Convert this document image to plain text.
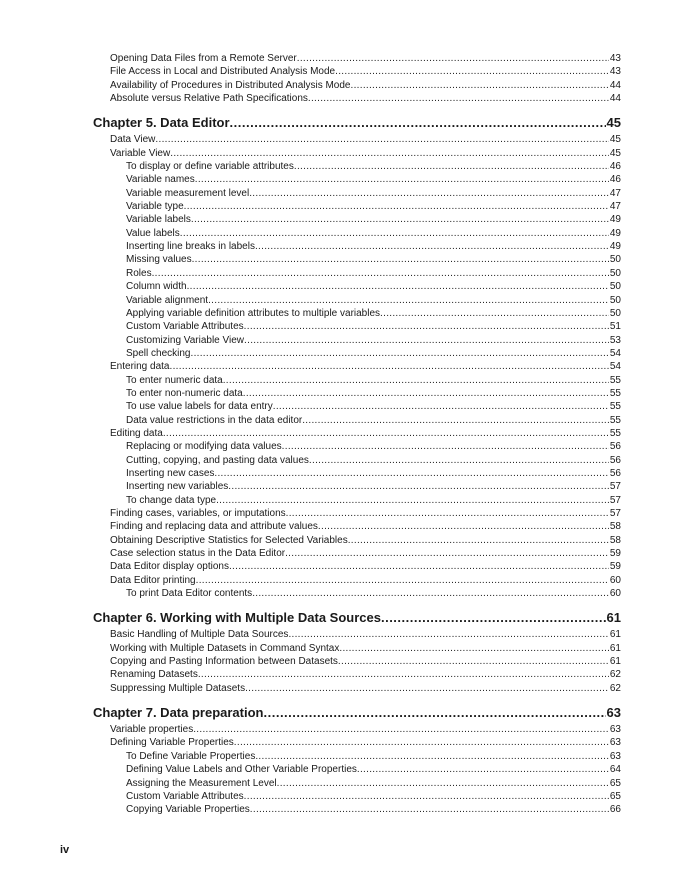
Opening Data Files from a Remote Server .....	43
File Access in Local and Distributed Analysis Mode .....	43
Availability of Procedures in Distributed Analysis Mode .....	44
Absolute versus Relative Path Specifications .....	44
Chapter 5. Data Editor .....	45
Data View .....	45
Variable View .....	45
To display or define variable attributes .....	46
Variable names .....	46
Variable measurement level .....	47
Variable type .....	47
Variable labels .....	49
Value labels .....	49
Inserting line breaks in labels .....	49
Missing values .....	50
Roles .....	50
Column width .....	50
Variable alignment .....	50
Applying variable definition attributes to multiple variables .....	50
Custom Variable Attributes .....	51
Customizing Variable View .....	53
Spell checking .....	54
Entering data .....	54
To enter numeric data .....	55
To enter non-numeric data .....	55
To use value labels for data entry .....	55
Data value restrictions in the data editor .....	55
Editing data .....	55
Replacing or modifying data values .....	56
Cutting, copying, and pasting data values .....	56
Inserting new cases .....	56
Inserting new variables .....	57
To change data type .....	57
Finding cases, variables, or imputations .....	57
Finding and replacing data and attribute values .....	58
Obtaining Descriptive Statistics for Selected Variables .....	58
Case selection status in the Data Editor .....	59
Data Editor display options .....	59
Data Editor printing .....	60
To print Data Editor contents .....	60
Chapter 6. Working with Multiple Data Sources .....	61
Basic Handling of Multiple Data Sources .....	61
Working with Multiple Datasets in Command Syntax .....	61
Copying and Pasting Information between Datasets .....	61
Renaming Datasets .....	62
Suppressing Multiple Datasets .....	62
Chapter 7. Data preparation .....	63
Variable properties .....	63
Defining Variable Properties .....	63
To Define Variable Properties .....	63
Defining Value Labels and Other Variable Properties .....	64
Assigning the Measurement Level .....	65
Custom Variable Attributes .....	65
Copying Variable Properties .....	66
iv
